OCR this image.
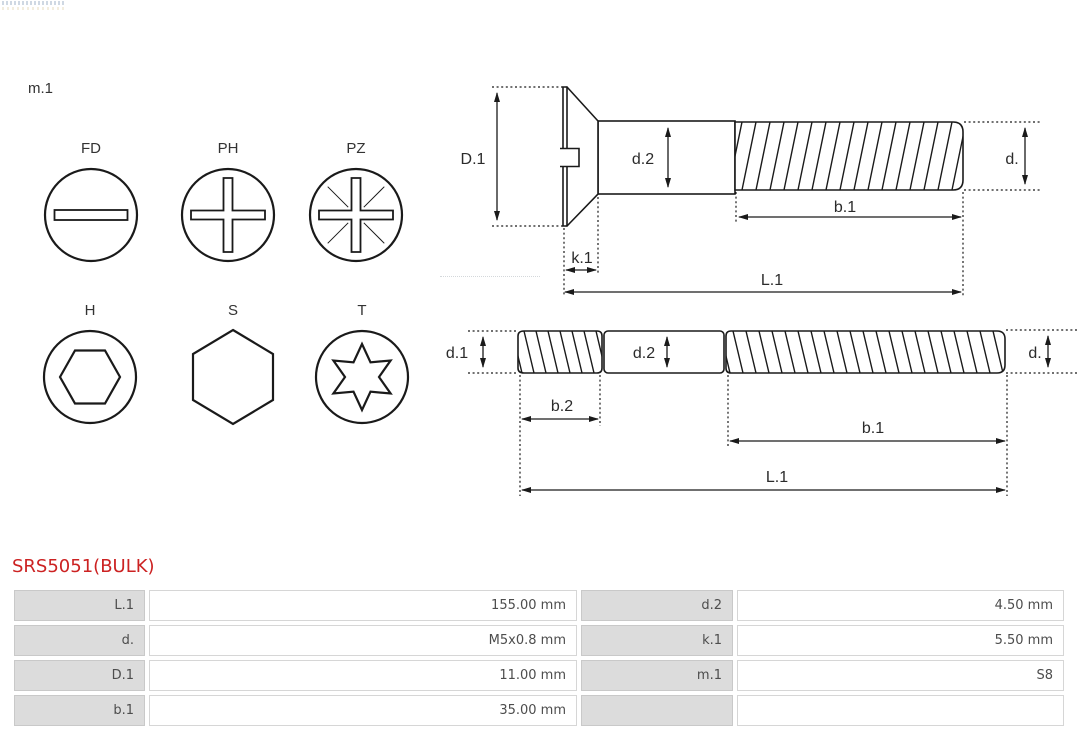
m.1
FD	PH	PZ
H	S	T
D.1	d.2	d.
b.1
k.1
L.1
d.1	d.2	d.
b.2
b.1
L.1
SRS5051(BULK)
L.1	155.00 mm	d.2	4.50 mm
d.	M5x0.8 mm	k.1	5.50 mm
D.1	11.00 mm	m.1	S8
b.1	35.00 mm		
